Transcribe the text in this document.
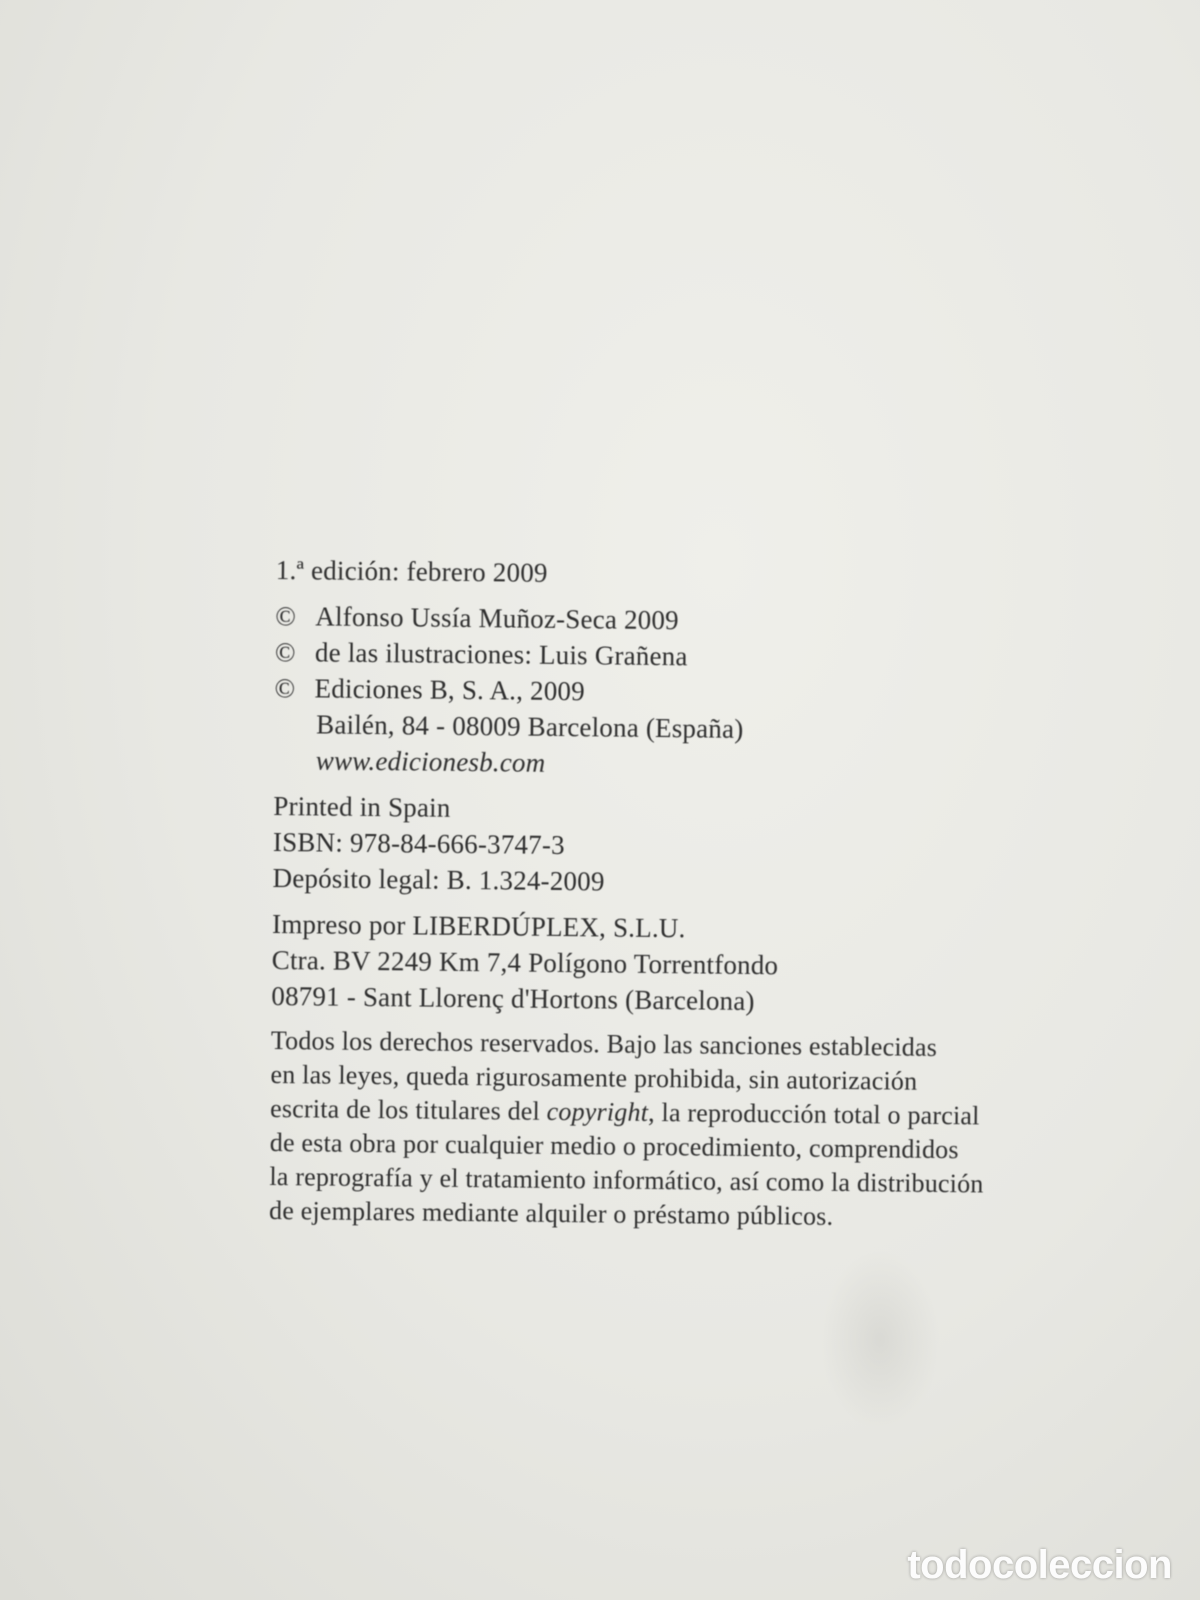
1.ª edición: febrero 2009
© Alfonso Ussía Muñoz-Seca 2009
© de las ilustraciones: Luis Grañena
© Ediciones B, S. A., 2009
Bailén, 84 - 08009 Barcelona (España)
www.edicionesb.com
Printed in Spain
ISBN: 978-84-666-3747-3
Depósito legal: B. 1.324-2009
Impreso por LIBERDÚPLEX, S.L.U.
Ctra. BV 2249 Km 7,4 Polígono Torrentfondo
08791 - Sant Llorenç d'Hortons (Barcelona)
Todos los derechos reservados. Bajo las sanciones establecidas
en las leyes, queda rigurosamente prohibida, sin autorización
escrita de los titulares del copyright, la reproducción total o parcial
de esta obra por cualquier medio o procedimiento, comprendidos
la reprografía y el tratamiento informático, así como la distribución
de ejemplares mediante alquiler o préstamo públicos.
todocoleccion
